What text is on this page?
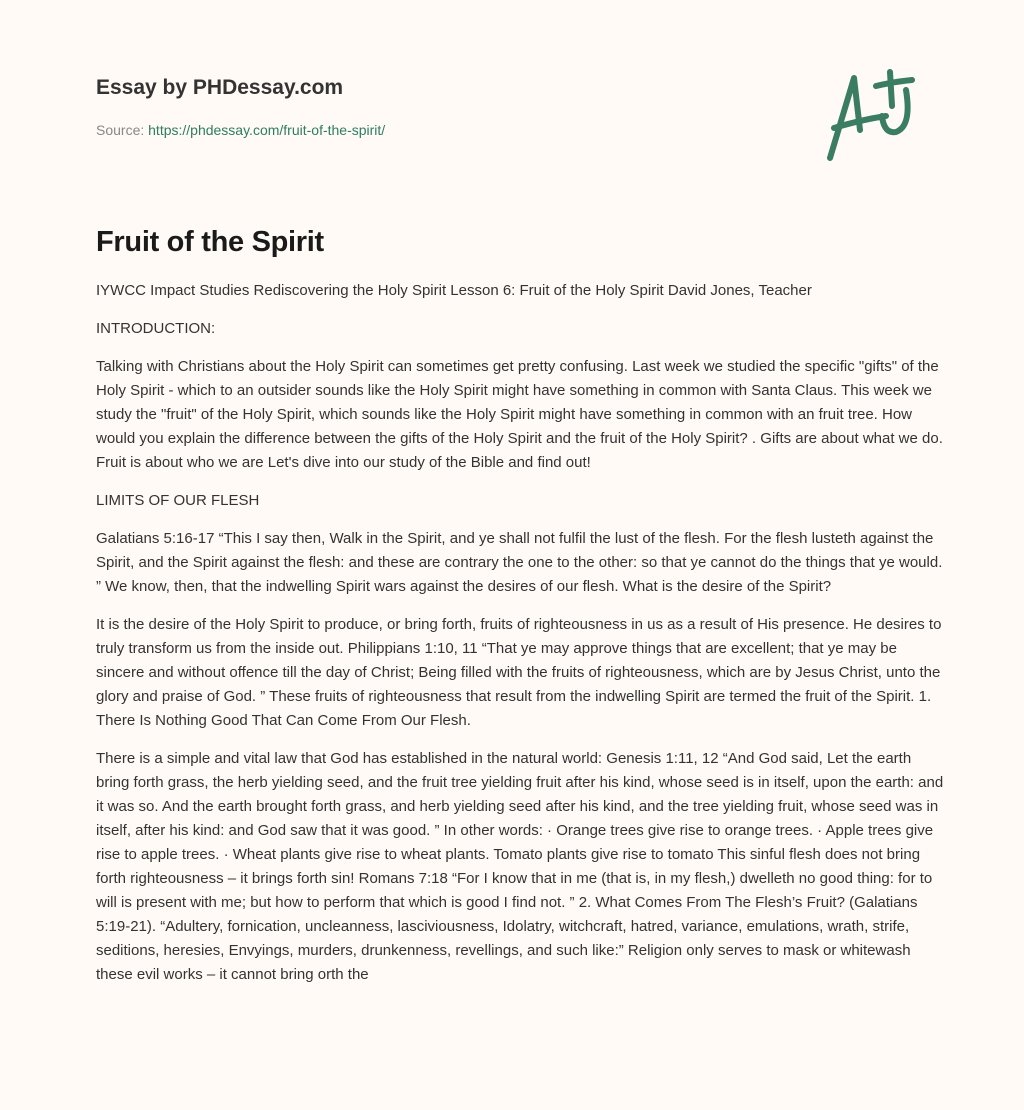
Essay by PHDessay.com
Source: https://phdessay.com/fruit-of-the-spirit/
Fruit of the Spirit

IYWCC Impact Studies Rediscovering the Holy Spirit Lesson 6: Fruit of the Holy Spirit David Jones, Teacher

INTRODUCTION:

Talking with Christians about the Holy Spirit can sometimes get pretty confusing. Last week we studied the specific "gifts" of the Holy Spirit - which to an outsider sounds like the Holy Spirit might have something in common with Santa Claus. This week we study the "fruit" of the Holy Spirit, which sounds like the Holy Spirit might have something in common with an fruit tree. How would you explain the difference between the gifts of the Holy Spirit and the fruit of the Holy Spirit? . Gifts are about what we do. Fruit is about who we are Let's dive into our study of the Bible and find out!

LIMITS OF OUR FLESH

Galatians 5:16-17 “This I say then, Walk in the Spirit, and ye shall not fulfil the lust of the flesh. For the flesh lusteth against the Spirit, and the Spirit against the flesh: and these are contrary the one to the other: so that ye cannot do the things that ye would. ” We know, then, that the indwelling Spirit wars against the desires of our flesh. What is the desire of the Spirit?

It is the desire of the Holy Spirit to produce, or bring forth, fruits of righteousness in us as a result of His presence. He desires to truly transform us from the inside out. Philippians 1:10, 11 “That ye may approve things that are excellent; that ye may be sincere and without offence till the day of Christ; Being filled with the fruits of righteousness, which are by Jesus Christ, unto the glory and praise of God. ” These fruits of righteousness that result from the indwelling Spirit are termed the fruit of the Spirit. 1. There Is Nothing Good That Can Come From Our Flesh.

There is a simple and vital law that God has established in the natural world: Genesis 1:11, 12 “And God said, Let the earth bring forth grass, the herb yielding seed, and the fruit tree yielding fruit after his kind, whose seed is in itself, upon the earth: and it was so. And the earth brought forth grass, and herb yielding seed after his kind, and the tree yielding fruit, whose seed was in itself, after his kind: and God saw that it was good. ” In other words: · Orange trees give rise to orange trees. · Apple trees give rise to apple trees. · Wheat plants give rise to wheat plants. Tomato plants give rise to tomato This sinful flesh does not bring forth righteousness – it brings forth sin! Romans 7:18 “For I know that in me (that is, in my flesh,) dwelleth no good thing: for to will is present with me; but how to perform that which is good I find not. ” 2. What Comes From The Flesh’s Fruit? (Galatians 5:19-21). “Adultery, fornication, uncleanness, lasciviousness, Idolatry, witchcraft, hatred, variance, emulations, wrath, strife, seditions, heresies, Envyings, murders, drunkenness, revellings, and such like:” Religion only serves to mask or whitewash these evil works – it cannot bring orth the
